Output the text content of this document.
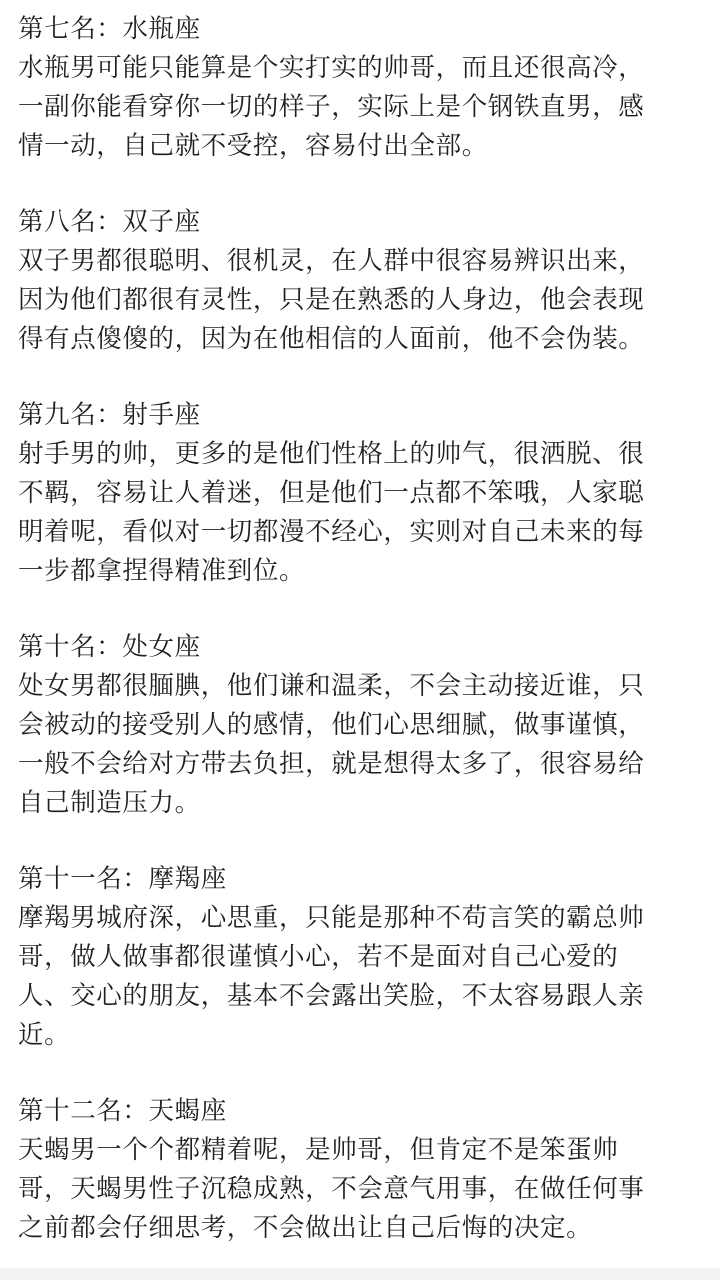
第七名：水瓶座
水瓶男可能只能算是个实打实的帅哥，而且还很高冷，
一副你能看穿你一切的样子，实际上是个钢铁直男，感
情一动，自己就不受控，容易付出全部。
第八名：双子座
双子男都很聪明、很机灵，在人群中很容易辨识出来，
因为他们都很有灵性，只是在熟悉的人身边，他会表现
得有点傻傻的，因为在他相信的人面前，他不会伪装。
第九名：射手座
射手男的帅，更多的是他们性格上的帅气，很洒脱、很
不羁，容易让人着迷，但是他们一点都不笨哦，人家聪
明着呢，看似对一切都漫不经心，实则对自己未来的每
一步都拿捏得精准到位。
第十名：处女座
处女男都很腼腆，他们谦和温柔，不会主动接近谁，只
会被动的接受别人的感情，他们心思细腻，做事谨慎，
一般不会给对方带去负担，就是想得太多了，很容易给
自己制造压力。
第十一名：摩羯座
摩羯男城府深，心思重，只能是那种不苟言笑的霸总帅
哥，做人做事都很谨慎小心，若不是面对自己心爱的
人、交心的朋友，基本不会露出笑脸，不太容易跟人亲
近。
第十二名：天蝎座
天蝎男一个个都精着呢，是帅哥，但肯定不是笨蛋帅
哥，天蝎男性子沉稳成熟，不会意气用事，在做任何事
之前都会仔细思考，不会做出让自己后悔的决定。
